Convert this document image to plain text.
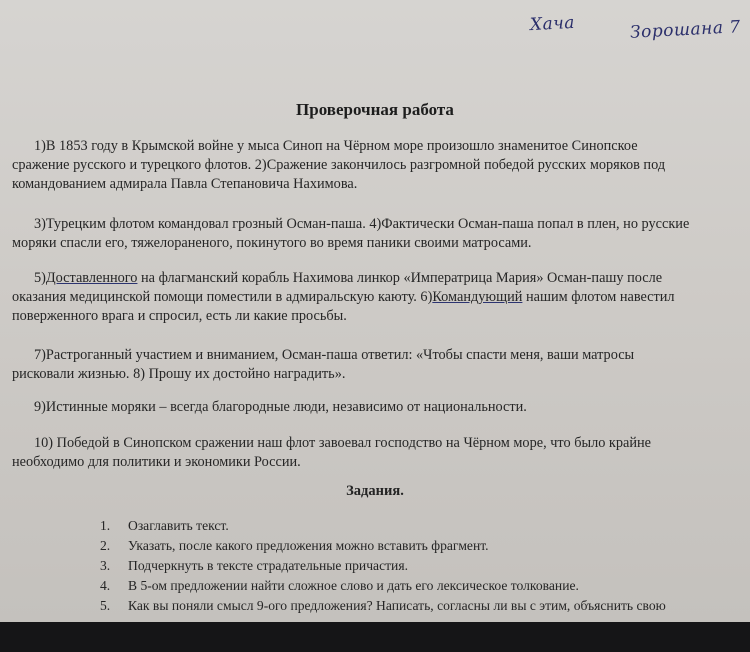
Хача	Зорошана 7
Проверочная работа
1)В 1853 году в Крымской войне у мыса Синоп на Чёрном море произошло знаменитое Синопское
сражение русского и турецкого флотов. 2)Сражение закончилось разгромной победой русских моряков под
командованием адмирала Павла Степановича Нахимова.
3)Турецким флотом командовал грозный Осман-паша. 4)Фактически Осман-паша попал в плен, но русские
моряки спасли его, тяжелораненого, покинутого во время паники своими матросами.
5)Доставленного на флагманский корабль Нахимова линкор «Императрица Мария» Осман-пашу после
оказания медицинской помощи поместили в адмиральскую каюту. 6)Командующий нашим флотом навестил
поверженного врага и спросил, есть ли какие просьбы.
7)Растроганный участием и вниманием, Осман-паша ответил: «Чтобы спасти меня, ваши матросы
рисковали жизнью. 8) Прошу их достойно наградить».
9)Истинные моряки – всегда благородные люди, независимо от национальности.
10) Победой в Синопском сражении наш флот завоевал господство на Чёрном море, что было крайне
необходимо для политики и экономики России.
Задания.
1.	Озаглавить текст.
2.	Указать, после какого предложения можно вставить фрагмент.
3.	Подчеркнуть в тексте страдательные причастия.
4.	В 5-ом предложении найти сложное слово и дать его лексическое толкование.
5.	Как вы поняли смысл 9-ого предложения? Написать, согласны ли вы с этим, объяснить свою
